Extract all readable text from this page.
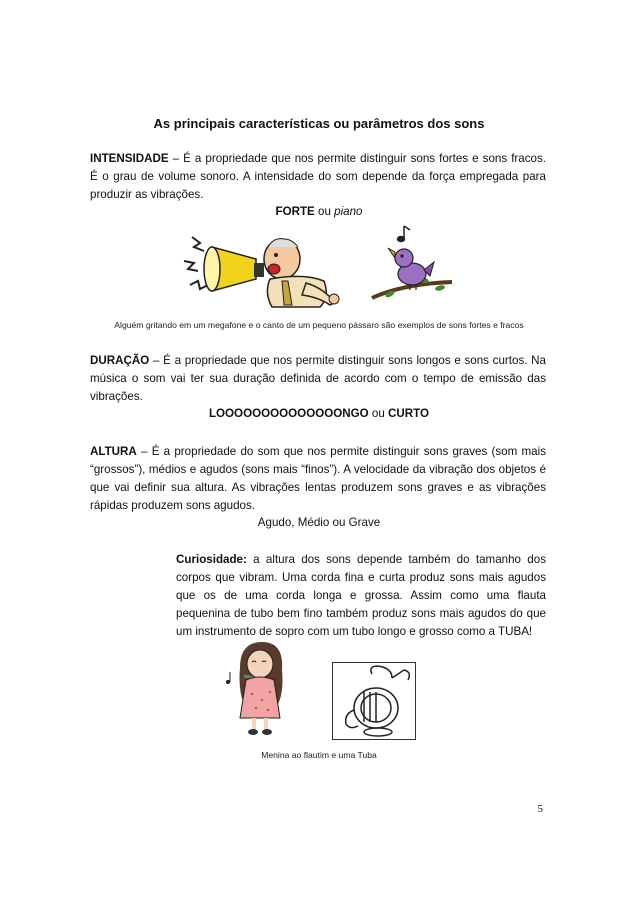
As principais características ou parâmetros dos sons

INTENSIDADE – É a propriedade que nos permite distinguir sons fortes e sons fracos. É o grau de volume sonoro. A intensidade do som depende da força empregada para produzir as vibrações.

FORTE ou piano
Alguém gritando em um megafone e o canto de um pequeno pássaro são exemplos de sons fortes e fracos

DURAÇÃO – É a propriedade que nos permite distinguir sons longos e sons curtos. Na música o som vai ter sua duração definida de acordo com o tempo de emissão das vibrações.

LOOOOOOOOOOOOOONGO ou CURTO

ALTURA – É a propriedade do som que nos permite distinguir sons graves (som mais “grossos”), médios e agudos (sons mais “finos”). A velocidade da vibração dos objetos é que vai definir sua altura. As vibrações lentas produzem sons graves e as vibrações rápidas produzem sons agudos.

Agudo, Médio ou Grave

Curiosidade: a altura dos sons depende também do tamanho dos corpos que vibram. Uma corda fina e curta produz sons mais agudos que os de uma corda longa e grossa. Assim como uma flauta pequenina de tubo bem fino também produz sons mais agudos do que um instrumento de sopro com um tubo longo e grosso como a TUBA!

Menina ao flautim e uma Tuba
5
